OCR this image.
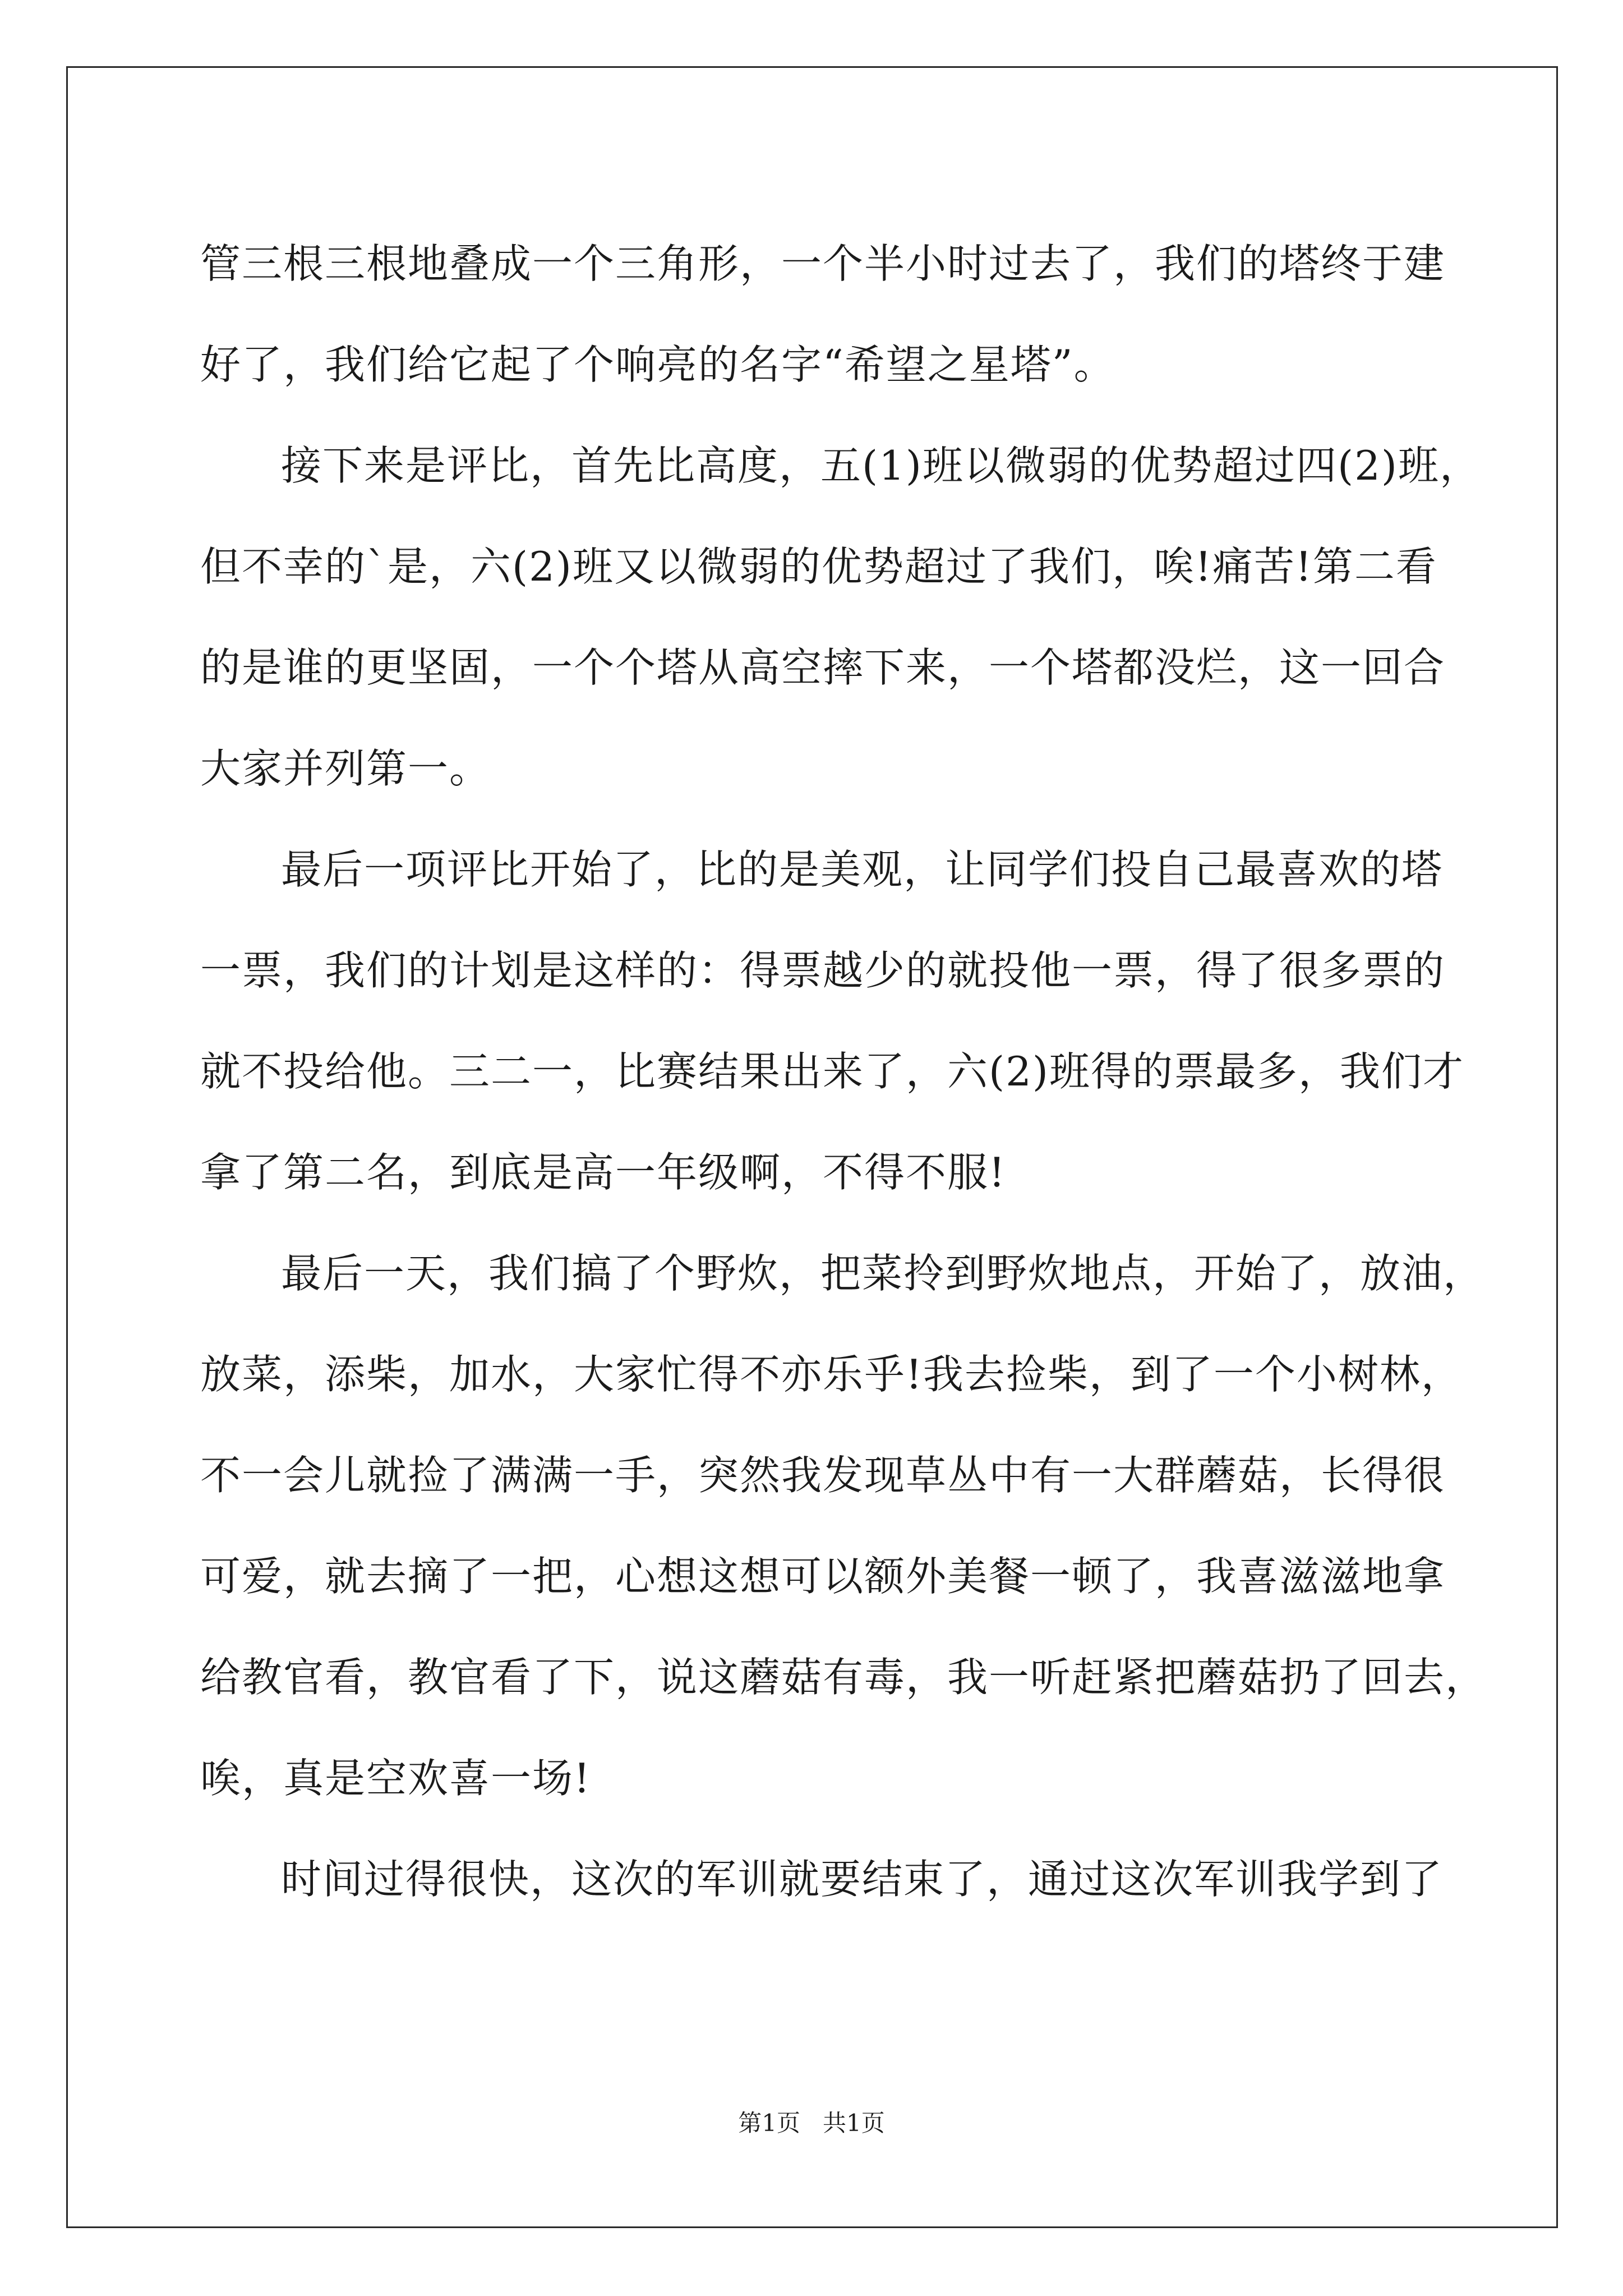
管三根三根地叠成一个三角形，一个半小时过去了，我们的塔终于建
好了，我们给它起了个响亮的名字“希望之星塔”。
接下来是评比，首先比高度，五(1)班以微弱的优势超过四(2)班，
但不幸的`是，六(2)班又以微弱的优势超过了我们，唉!痛苦!第二看
的是谁的更坚固，一个个塔从高空摔下来，一个塔都没烂，这一回合
大家并列第一。
最后一项评比开始了，比的是美观，让同学们投自己最喜欢的塔
一票，我们的计划是这样的：得票越少的就投他一票，得了很多票的
就不投给他。三二一，比赛结果出来了，六(2)班得的票最多，我们才
拿了第二名，到底是高一年级啊，不得不服!
最后一天，我们搞了个野炊，把菜拎到野炊地点，开始了，放油，
放菜，添柴，加水，大家忙得不亦乐乎!我去捡柴，到了一个小树林，
不一会儿就捡了满满一手，突然我发现草丛中有一大群蘑菇，长得很
可爱，就去摘了一把，心想这想可以额外美餐一顿了，我喜滋滋地拿
给教官看，教官看了下，说这蘑菇有毒，我一听赶紧把蘑菇扔了回去，
唉，真是空欢喜一场!
时间过得很快，这次的军训就要结束了，通过这次军训我学到了
第1页 共1页
